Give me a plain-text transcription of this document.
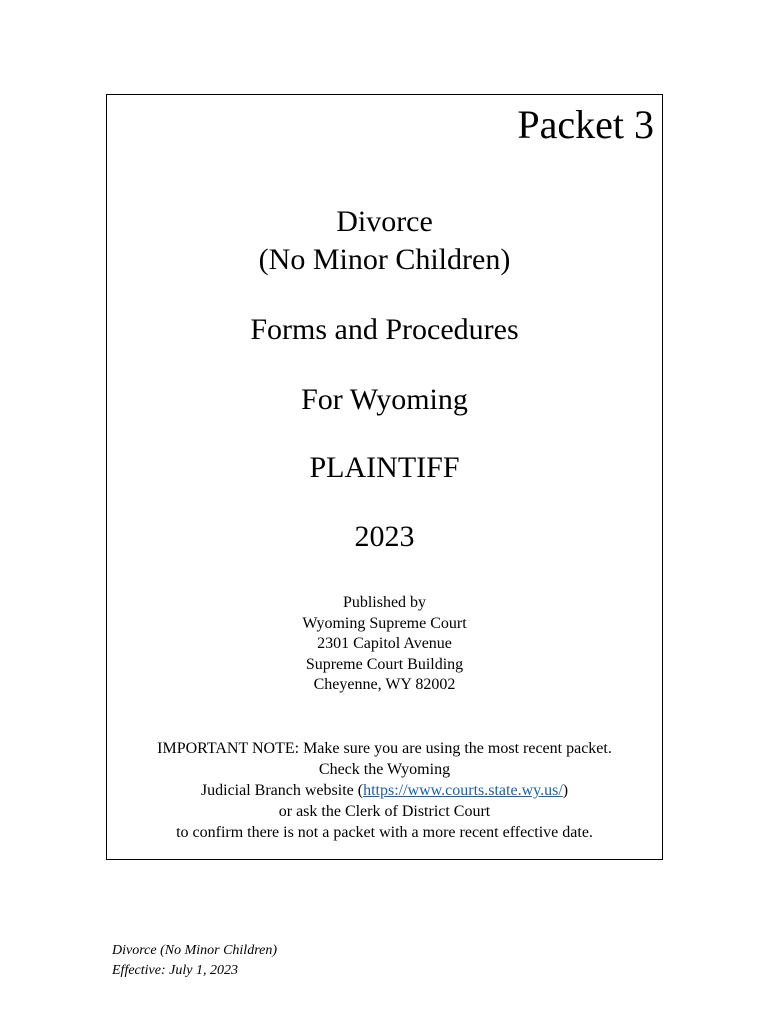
Packet 3
Divorce
(No Minor Children)
Forms and Procedures
For Wyoming
PLAINTIFF
2023
Published by
Wyoming Supreme Court
2301 Capitol Avenue
Supreme Court Building
Cheyenne, WY 82002
IMPORTANT NOTE: Make sure you are using the most recent packet.
Check the Wyoming
Judicial Branch website (https://www.courts.state.wy.us/)
or ask the Clerk of District Court
to confirm there is not a packet with a more recent effective date.
Divorce (No Minor Children)
Effective: July 1, 2023
